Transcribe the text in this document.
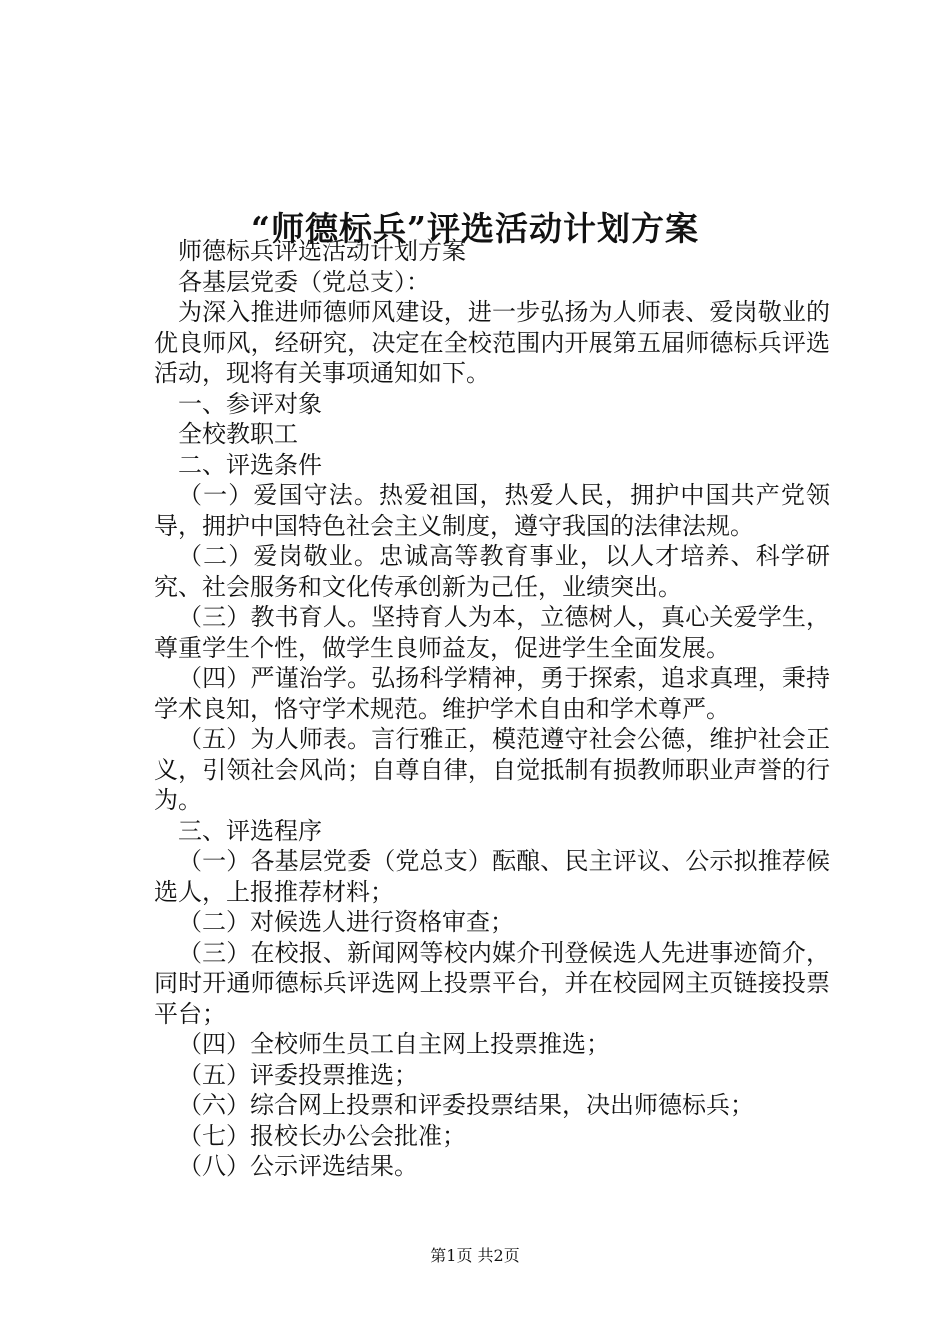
“师德标兵”评选活动计划方案

师德标兵评选活动计划方案

各基层党委（党总支）：

为深入推进师德师风建设，进一步弘扬为人师表、爱岗敬业的优良师风，经研究，决定在全校范围内开展第五届师德标兵评选活动，现将有关事项通知如下。

一、参评对象

全校教职工

二、评选条件

（一）爱国守法。热爱祖国，热爱人民，拥护中国共产党领导，拥护中国特色社会主义制度，遵守我国的法律法规。

（二）爱岗敬业。忠诚高等教育事业，以人才培养、科学研究、社会服务和文化传承创新为己任，业绩突出。

（三）教书育人。坚持育人为本，立德树人，真心关爱学生，尊重学生个性，做学生良师益友，促进学生全面发展。

（四）严谨治学。弘扬科学精神，勇于探索，追求真理，秉持学术良知，恪守学术规范。维护学术自由和学术尊严。

（五）为人师表。言行雅正，模范遵守社会公德，维护社会正义，引领社会风尚；自尊自律，自觉抵制有损教师职业声誉的行为。

三、评选程序

（一）各基层党委（党总支）酝酿、民主评议、公示拟推荐候选人，上报推荐材料；

（二）对候选人进行资格审查；

（三）在校报、新闻网等校内媒介刊登候选人先进事迹简介，同时开通师德标兵评选网上投票平台，并在校园网主页链接投票平台；

（四）全校师生员工自主网上投票推选；

（五）评委投票推选；

（六）综合网上投票和评委投票结果，决出师德标兵；

（七）报校长办公会批准；

（八）公示评选结果。

第1页 共2页
